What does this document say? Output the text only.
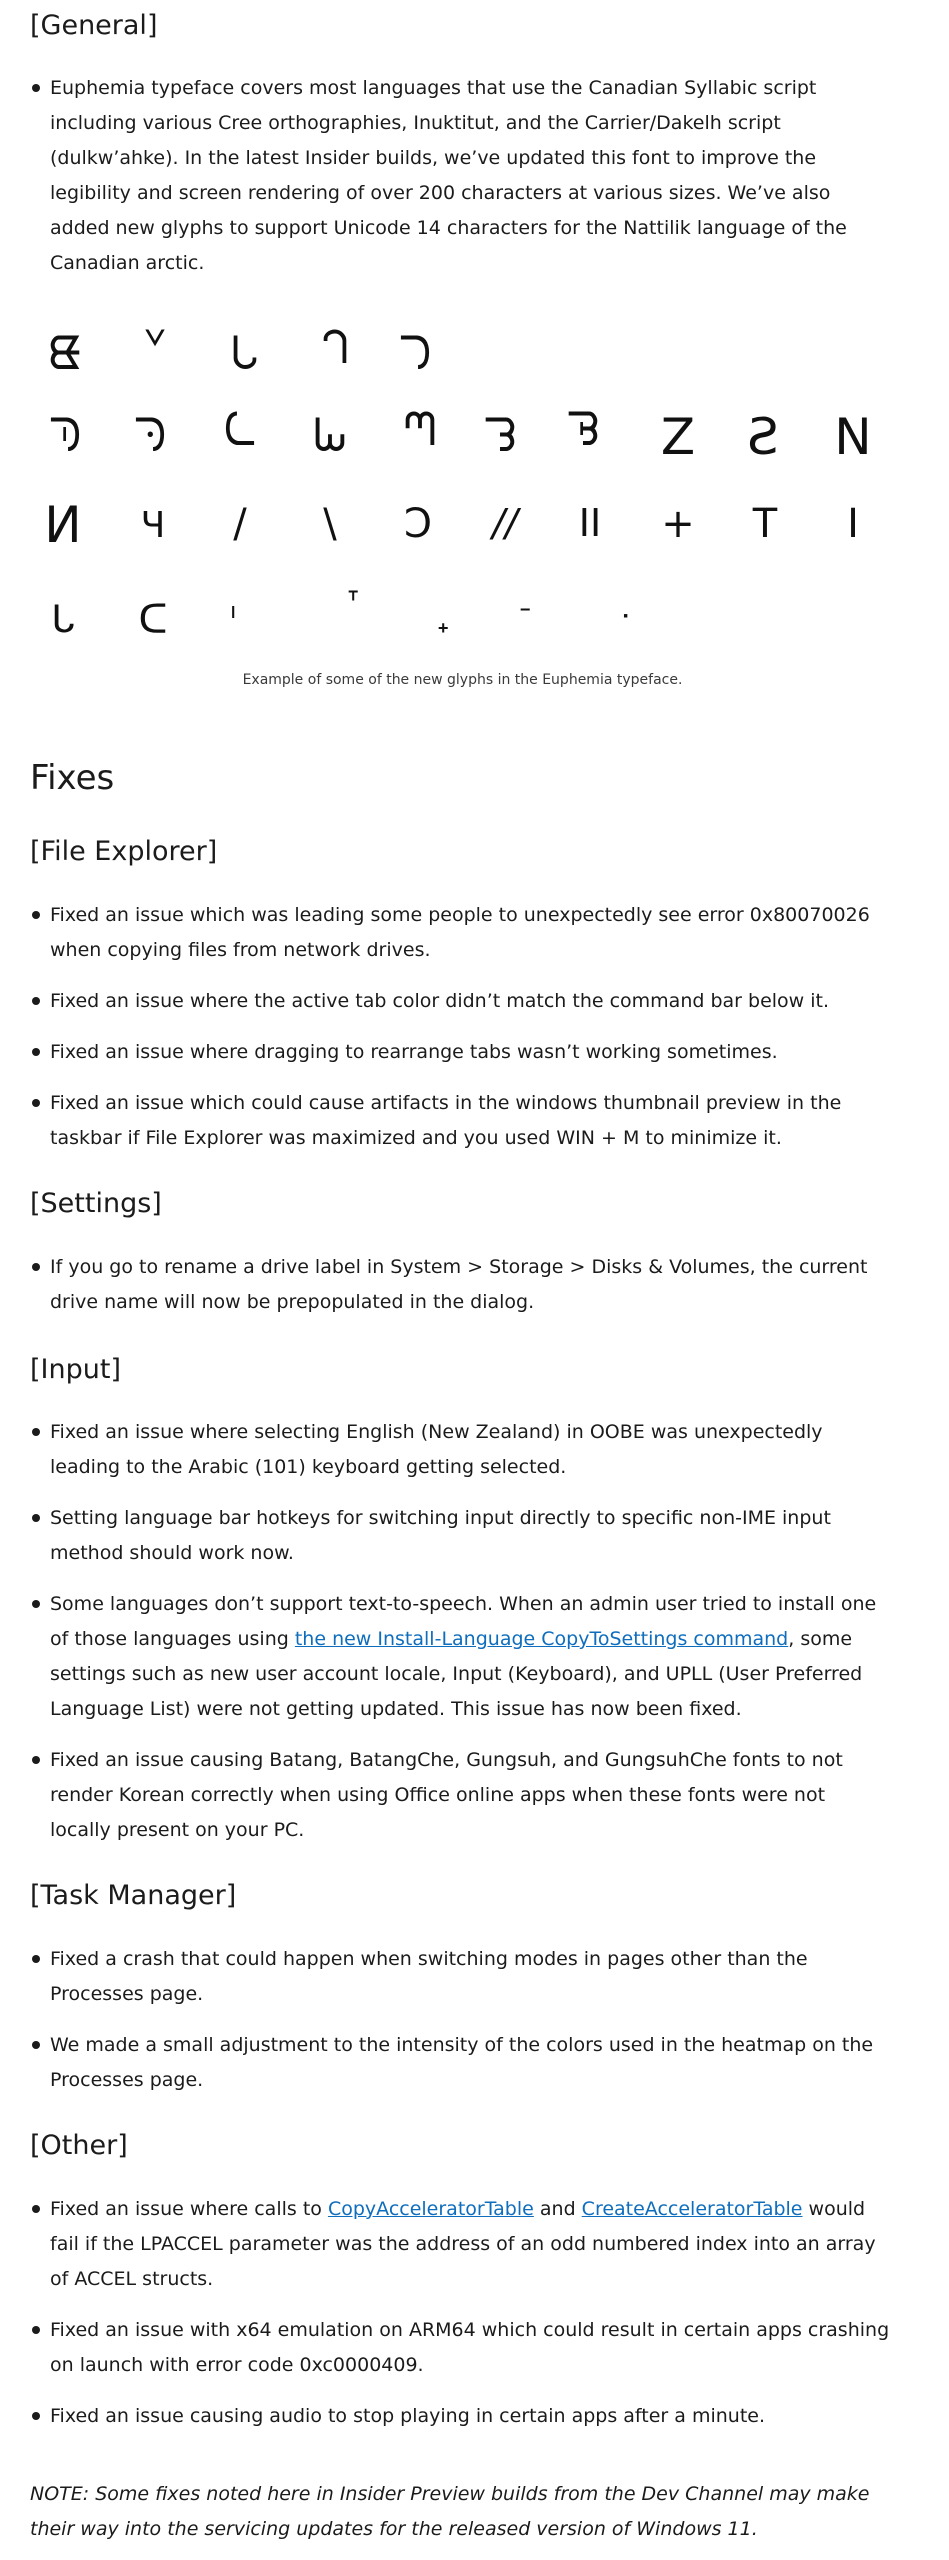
[General]
Euphemia typeface covers most languages that use the Canadian Syllabic script including various Cree orthographies, Inuktitut, and the Carrier/Dakelh script (dulkw’ahke). In the latest Insider builds, we’ve updated this font to improve the legibility and screen rendering of over 200 characters at various sizes. We’ve also added new glyphs to support Unicode 14 characters for the Nattilik language of the Canadian arctic.
ᘀ	ᘁ	ᘂ	ᘃ	ᘄ
ᘅ	ᘆ	ᘇ	ᘈ	ᘉ	ᘊ	ᘋ	Z	Ƨ	N
И	Ч	/	\	Ↄ	//	II	+	T	I
ᒐ	ᑕ	ᑊ	ᐪ
ᐩ	ᐨ	ᐧ
Example of some of the new glyphs in the Euphemia typeface.
Fixes
[File Explorer]
Fixed an issue which was leading some people to unexpectedly see error 0x80070026 when copying files from network drives.
Fixed an issue where the active tab color didn’t match the command bar below it.
Fixed an issue where dragging to rearrange tabs wasn’t working sometimes.
Fixed an issue which could cause artifacts in the windows thumbnail preview in the taskbar if File Explorer was maximized and you used WIN + M to minimize it.
[Settings]
If you go to rename a drive label in System > Storage > Disks & Volumes, the current drive name will now be prepopulated in the dialog.
[Input]
Fixed an issue where selecting English (New Zealand) in OOBE was unexpectedly leading to the Arabic (101) keyboard getting selected.
Setting language bar hotkeys for switching input directly to specific non-IME input method should work now.
Some languages don’t support text-to-speech. When an admin user tried to install one of those languages using the new Install-Language CopyToSettings command, some settings such as new user account locale, Input (Keyboard), and UPLL (User Preferred Language List) were not getting updated. This issue has now been fixed.
Fixed an issue causing Batang, BatangChe, Gungsuh, and GungsuhChe fonts to not render Korean correctly when using Office online apps when these fonts were not locally present on your PC.
[Task Manager]
Fixed a crash that could happen when switching modes in pages other than the Processes page.
We made a small adjustment to the intensity of the colors used in the heatmap on the Processes page.
[Other]
Fixed an issue where calls to CopyAcceleratorTable and CreateAcceleratorTable would fail if the LPACCEL parameter was the address of an odd numbered index into an array of ACCEL structs.
Fixed an issue with x64 emulation on ARM64 which could result in certain apps crashing on launch with error code 0xc0000409.
Fixed an issue causing audio to stop playing in certain apps after a minute.
NOTE: Some fixes noted here in Insider Preview builds from the Dev Channel may make their way into the servicing updates for the released version of Windows 11.
